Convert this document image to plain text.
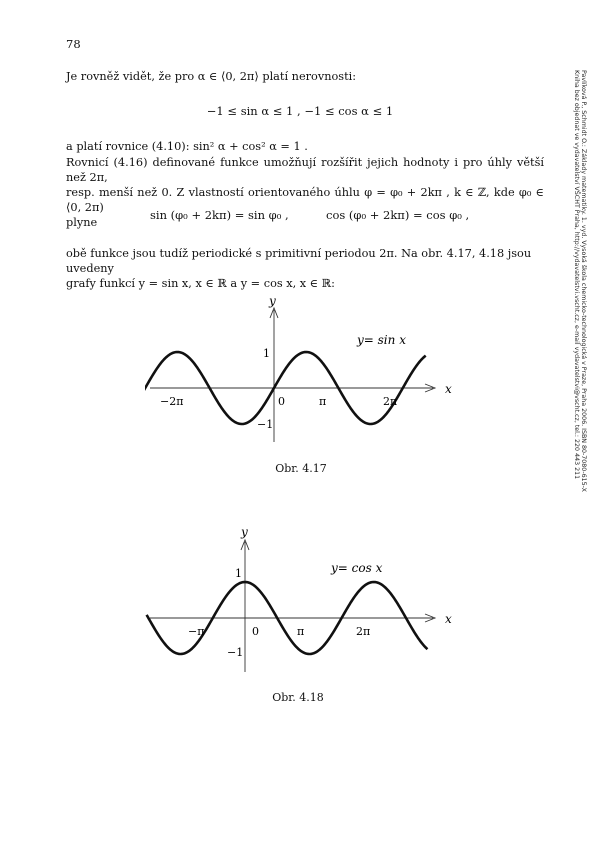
78
Je rovněž vidět, že pro α ∈ ⟨0, 2π⟩ platí nerovnosti:
−1 ≤ sin α ≤ 1 , −1 ≤ cos α ≤ 1
a platí rovnice (4.10): sin² α + cos² α = 1 .
Rovnicí (4.16) definované funkce umožňují rozšířit jejich hodnoty i pro úhly větší než 2π,
resp. menší než 0. Z vlastností orientovaného úhlu φ = φ₀ + 2kπ , k ∈ ℤ, kde φ₀ ∈ ⟨0, 2π)
plyne
sin (φ₀ + 2kπ) = sin φ₀ ,	cos (φ₀ + 2kπ) = cos φ₀ ,
obě funkce jsou tudíž periodické s primitivní periodou 2π. Na obr. 4.17, 4.18 jsou uvedeny
grafy funkcí y = sin x, x ∈ ℝ a y = cos x, x ∈ ℝ:
x
y
1
−1
−2π	0	π	2π
y= sin x
Obr. 4.17
x
y
1
−1
−π	0	π	2π
y= cos x
Obr. 4.18
Pavlíková P., Schmidt O.: Základy matematiky. 1. vyd. Vysoká škola chemicko-technologická v Praze, Praha 2006. ISBN 80-7080-615-X
Kniha bez objednat ve vydavatelství VŠCHT Praha, http://vydavatelstvi.vscht.cz, e-mail vydavatelstvi@vscht.cz, tel.: 220 443 211
